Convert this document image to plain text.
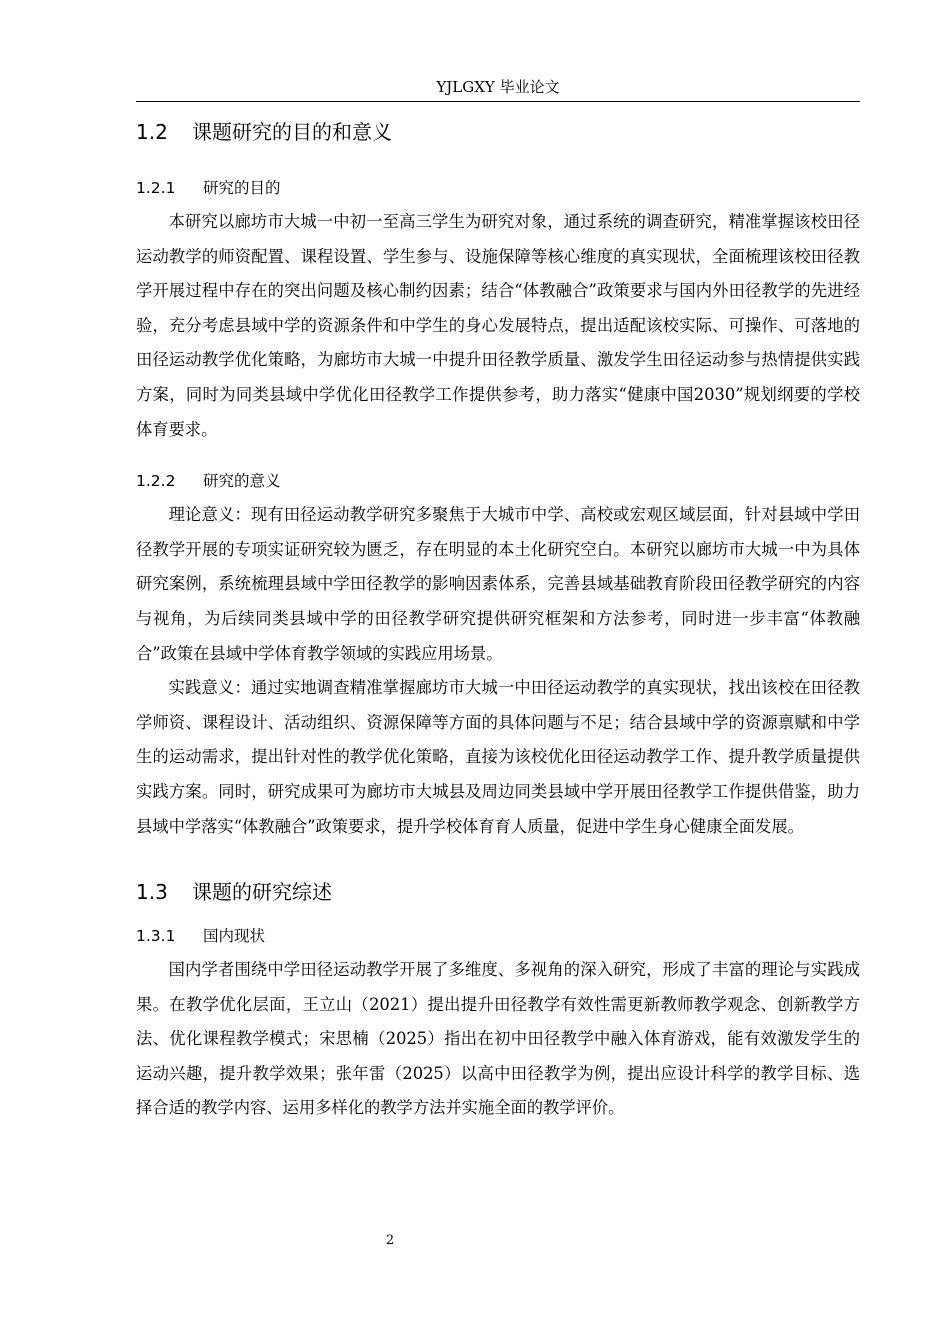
YJLGXY 毕业论文
1.2 课题研究的目的和意义
1.2.1 研究的目的

本研究以廊坊市大城一中初一至高三学生为研究对象，通过系统的调查研究，精准掌握该校田径运动教学的师资配置、课程设置、学生参与、设施保障等核心维度的真实现状，全面梳理该校田径教学开展过程中存在的突出问题及核心制约因素；结合“体教融合”政策要求与国内外田径教学的先进经验，充分考虑县域中学的资源条件和中学生的身心发展特点，提出适配该校实际、可操作、可落地的田径运动教学优化策略，为廊坊市大城一中提升田径教学质量、激发学生田径运动参与热情提供实践方案，同时为同类县域中学优化田径教学工作提供参考，助力落实“健康中国2030”规划纲要的学校体育要求。

1.2.2 研究的意义

理论意义：现有田径运动教学研究多聚焦于大城市中学、高校或宏观区域层面，针对县域中学田径教学开展的专项实证研究较为匮乏，存在明显的本土化研究空白。本研究以廊坊市大城一中为具体研究案例，系统梳理县域中学田径教学的影响因素体系，完善县域基础教育阶段田径教学研究的内容与视角，为后续同类县域中学的田径教学研究提供研究框架和方法参考，同时进一步丰富“体教融合”政策在县域中学体育教学领域的实践应用场景。

实践意义：通过实地调查精准掌握廊坊市大城一中田径运动教学的真实现状，找出该校在田径教学师资、课程设计、活动组织、资源保障等方面的具体问题与不足；结合县域中学的资源禀赋和中学生的运动需求，提出针对性的教学优化策略，直接为该校优化田径运动教学工作、提升教学质量提供实践方案。同时，研究成果可为廊坊市大城县及周边同类县域中学开展田径教学工作提供借鉴，助力县域中学落实“体教融合”政策要求，提升学校体育育人质量，促进中学生身心健康全面发展。

1.3 课题的研究综述
1.3.1 国内现状

国内学者围绕中学田径运动教学开展了多维度、多视角的深入研究，形成了丰富的理论与实践成果。在教学优化层面，王立山（2021）提出提升田径教学有效性需更新教师教学观念、创新教学方法、优化课程教学模式；宋思楠（2025）指出在初中田径教学中融入体育游戏，能有效激发学生的运动兴趣，提升教学效果；张年雷（2025）以高中田径教学为例，提出应设计科学的教学目标、选择合适的教学内容、运用多样化的教学方法并实施全面的教学评价。

2
